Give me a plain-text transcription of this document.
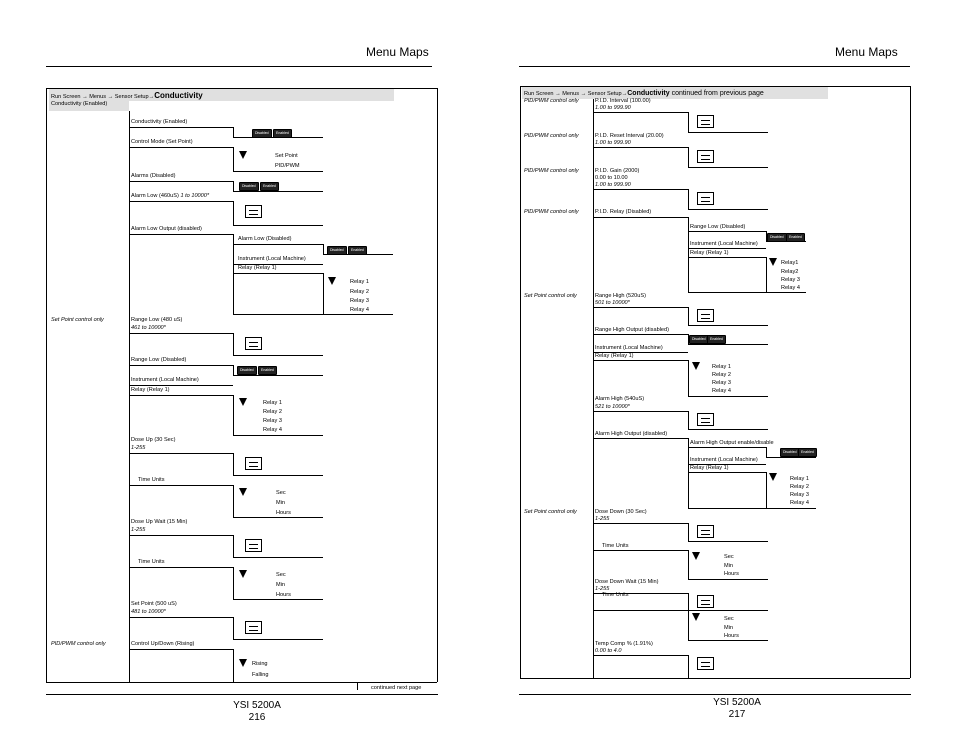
Menu Maps
Run Screen → Menus → Sensor Setup→Conductivity
Conductivity (Enabled)
Conductivity (Enabled)
Disabled	Enabled
Control Mode (Set Point)
Set Point
PID/PWM
Alarms (Disabled)
Disabled	Enabled
Alarm Low (460uS) 1 to 10000*
Alarm Low Output (disabled)
Alarm Low (Disabled)
Disabled	Enabled
Instrument (Local Machine)
Relay (Relay 1)
Relay 1
Relay 2
Relay 3
Relay 4
Set Point control only	Range Low (480 uS)
461 to 10000*
Range Low (Disabled)
Disabled	Enabled
Instrument (Local Machine)
Relay (Relay 1)
Relay 1
Relay 2
Relay 3
Relay 4
Dose Up (30 Sec)
1-255
Time Units
Sec
Min
Hours
Dose Up Wait (15 Min)
1-255
Time Units
Sec
Min
Hours
Set Point (500 uS)
481 to 10000*
PID/PWM control only	Control Up/Down (Rising)
Rising
Falling
continued next page
YSI 5200A
216
Menu Maps
Run Screen → Menus → Sensor Setup→Conductivity continued from previous page
PID/PWM control only	P.I.D. Interval (100.00)
1.00 to 999.90
PID/PWM control only	P.I.D. Reset Interval (20.00)
1.00 to 999.90
PID/PWM control only	P.I.D. Gain (2000)
0.00 to 10.00
1.00 to 999.90
PID/PWM control only	P.I.D. Relay (Disabled)
Range Low (Disabled)
Disabled	Enabled
Instrument (Local Machine)
Relay (Relay 1)
Relay1
Relay2
Relay 3
Relay 4
Set Point control only	Range High (520uS)
501 to 10000*
Range High Output (disabled)
Disabled	Enabled
Instrument (Local Machine)
Relay (Relay 1)
Relay 1
Relay 2
Relay 3
Relay 4
Alarm High (540uS)
521 to 10000*
Alarm High Output (disabled)
Alarm High Output enable/disable
Disabled	Enabled
Instrument (Local Machine)
Relay (Relay 1)
Relay 1
Relay 2
Relay 3
Relay 4
Set Point control only	Dose Down (30 Sec)
1-255
Time Units
Sec
Min
Hours
Dose Down Wait (15 Min)
1-255
Time Units
Sec
Min
Hours
Temp Comp % (1.91%)
0.00 to 4.0
YSI 5200A
217
